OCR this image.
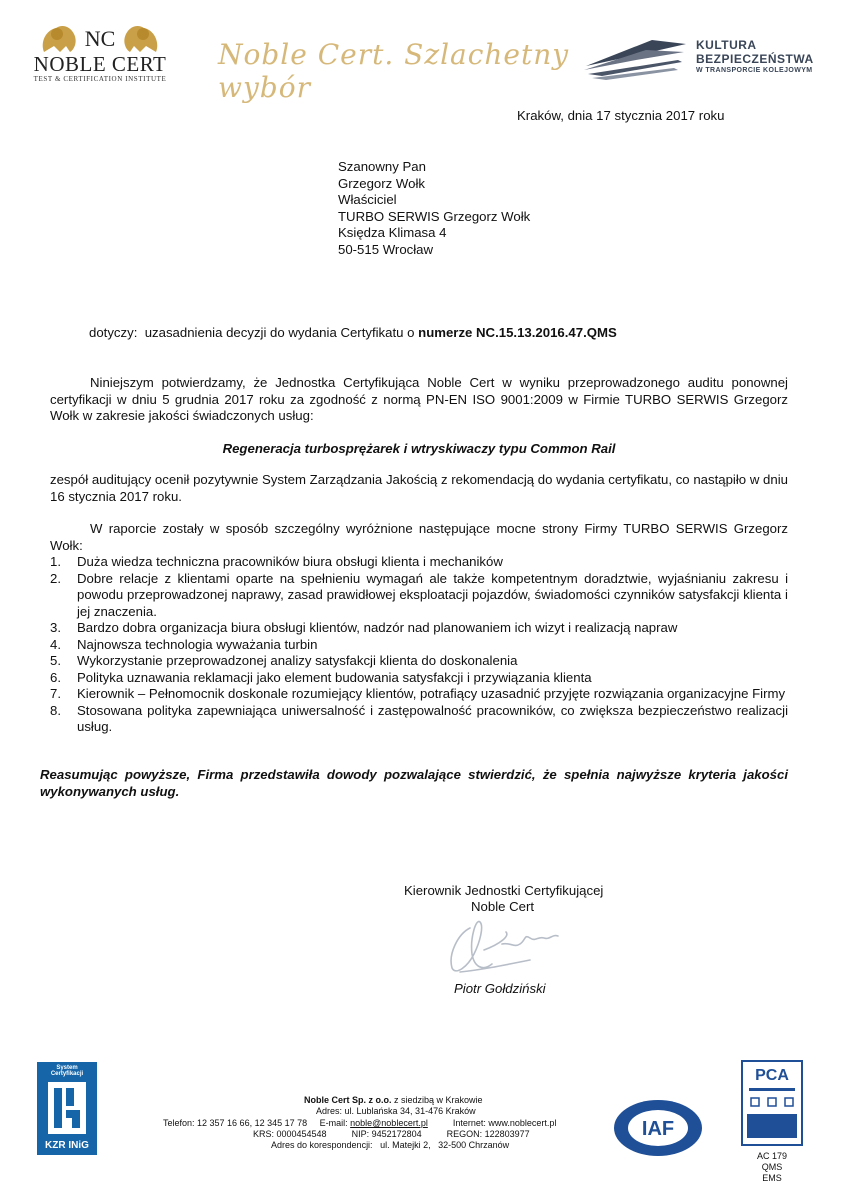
NC
NOBLE CERT
TEST & CERTIFICATION INSTITUTE
Noble Cert. Szlachetny wybór
KULTURA
BEZPIECZEŃSTWA
W TRANSPORCIE KOLEJOWYM
Kraków, dnia 17 stycznia 2017 roku
Szanowny Pan
Grzegorz Wołk
Właściciel
TURBO SERWIS Grzegorz Wołk
Księdza Klimasa 4
50-515 Wrocław
dotyczy:  uzasadnienia decyzji do wydania Certyfikatu o numerze NC.15.13.2016.47.QMS
Niniejszym potwierdzamy, że Jednostka Certyfikująca Noble Cert w wyniku przeprowadzonego auditu ponownej certyfikacji w dniu 5 grudnia 2017 roku za zgodność z normą PN-EN ISO 9001:2009 w Firmie TURBO SERWIS Grzegorz Wołk w zakresie jakości świadczonych usług:
Regeneracja turbosprężarek i wtryskiwaczy typu Common Rail
zespół auditujący ocenił pozytywnie System Zarządzania Jakością z rekomendacją do wydania certyfikatu, co nastąpiło w dniu 16 stycznia 2017 roku.
W raporcie zostały w sposób szczególny wyróżnione następujące mocne strony Firmy TURBO SERWIS Grzegorz Wołk:
1. Duża wiedza techniczna pracowników biura obsługi klienta i mechaników
2. Dobre relacje z klientami oparte na spełnieniu wymagań ale także kompetentnym doradztwie, wyjaśnianiu zakresu i powodu przeprowadzonej naprawy, zasad prawidłowej eksploatacji pojazdów, świadomości czynników satysfakcji klienta i jej znaczenia.
3. Bardzo dobra organizacja biura obsługi klientów, nadzór nad planowaniem ich wizyt i realizacją napraw
4. Najnowsza technologia wyważania turbin
5. Wykorzystanie przeprowadzonej analizy satysfakcji klienta do doskonalenia
6. Polityka uznawania reklamacji jako element budowania satysfakcji i przywiązania klienta
7. Kierownik – Pełnomocnik doskonale rozumiejący klientów, potrafiący uzasadnić przyjęte rozwiązania organizacyjne Firmy
8. Stosowana polityka zapewniająca uniwersalność i zastępowalność pracowników, co zwiększa bezpieczeństwo realizacji usług.
Reasumując powyższe, Firma przedstawiła dowody pozwalające stwierdzić, że spełnia najwyższe kryteria jakości wykonywanych usług.
Kierownik Jednostki Certyfikującej
Noble Cert
Piotr Gołdziński
System Certyfikacji
KZR INiG
Noble Cert Sp. z o.o. z siedzibą w Krakowie
Adres: ul. Lublańska 34, 31-476 Kraków
Telefon: 12 357 16 66, 12 345 17 78     E-mail: noble@noblecert.pl          Internet: www.noblecert.pl
KRS: 0000454548          NIP: 9452172804          REGON: 122803977
Adres do korespondencji:   ul. Matejki 2,   32-500 Chrzanów
IAF
PCA
AC 179
QMS
EMS
